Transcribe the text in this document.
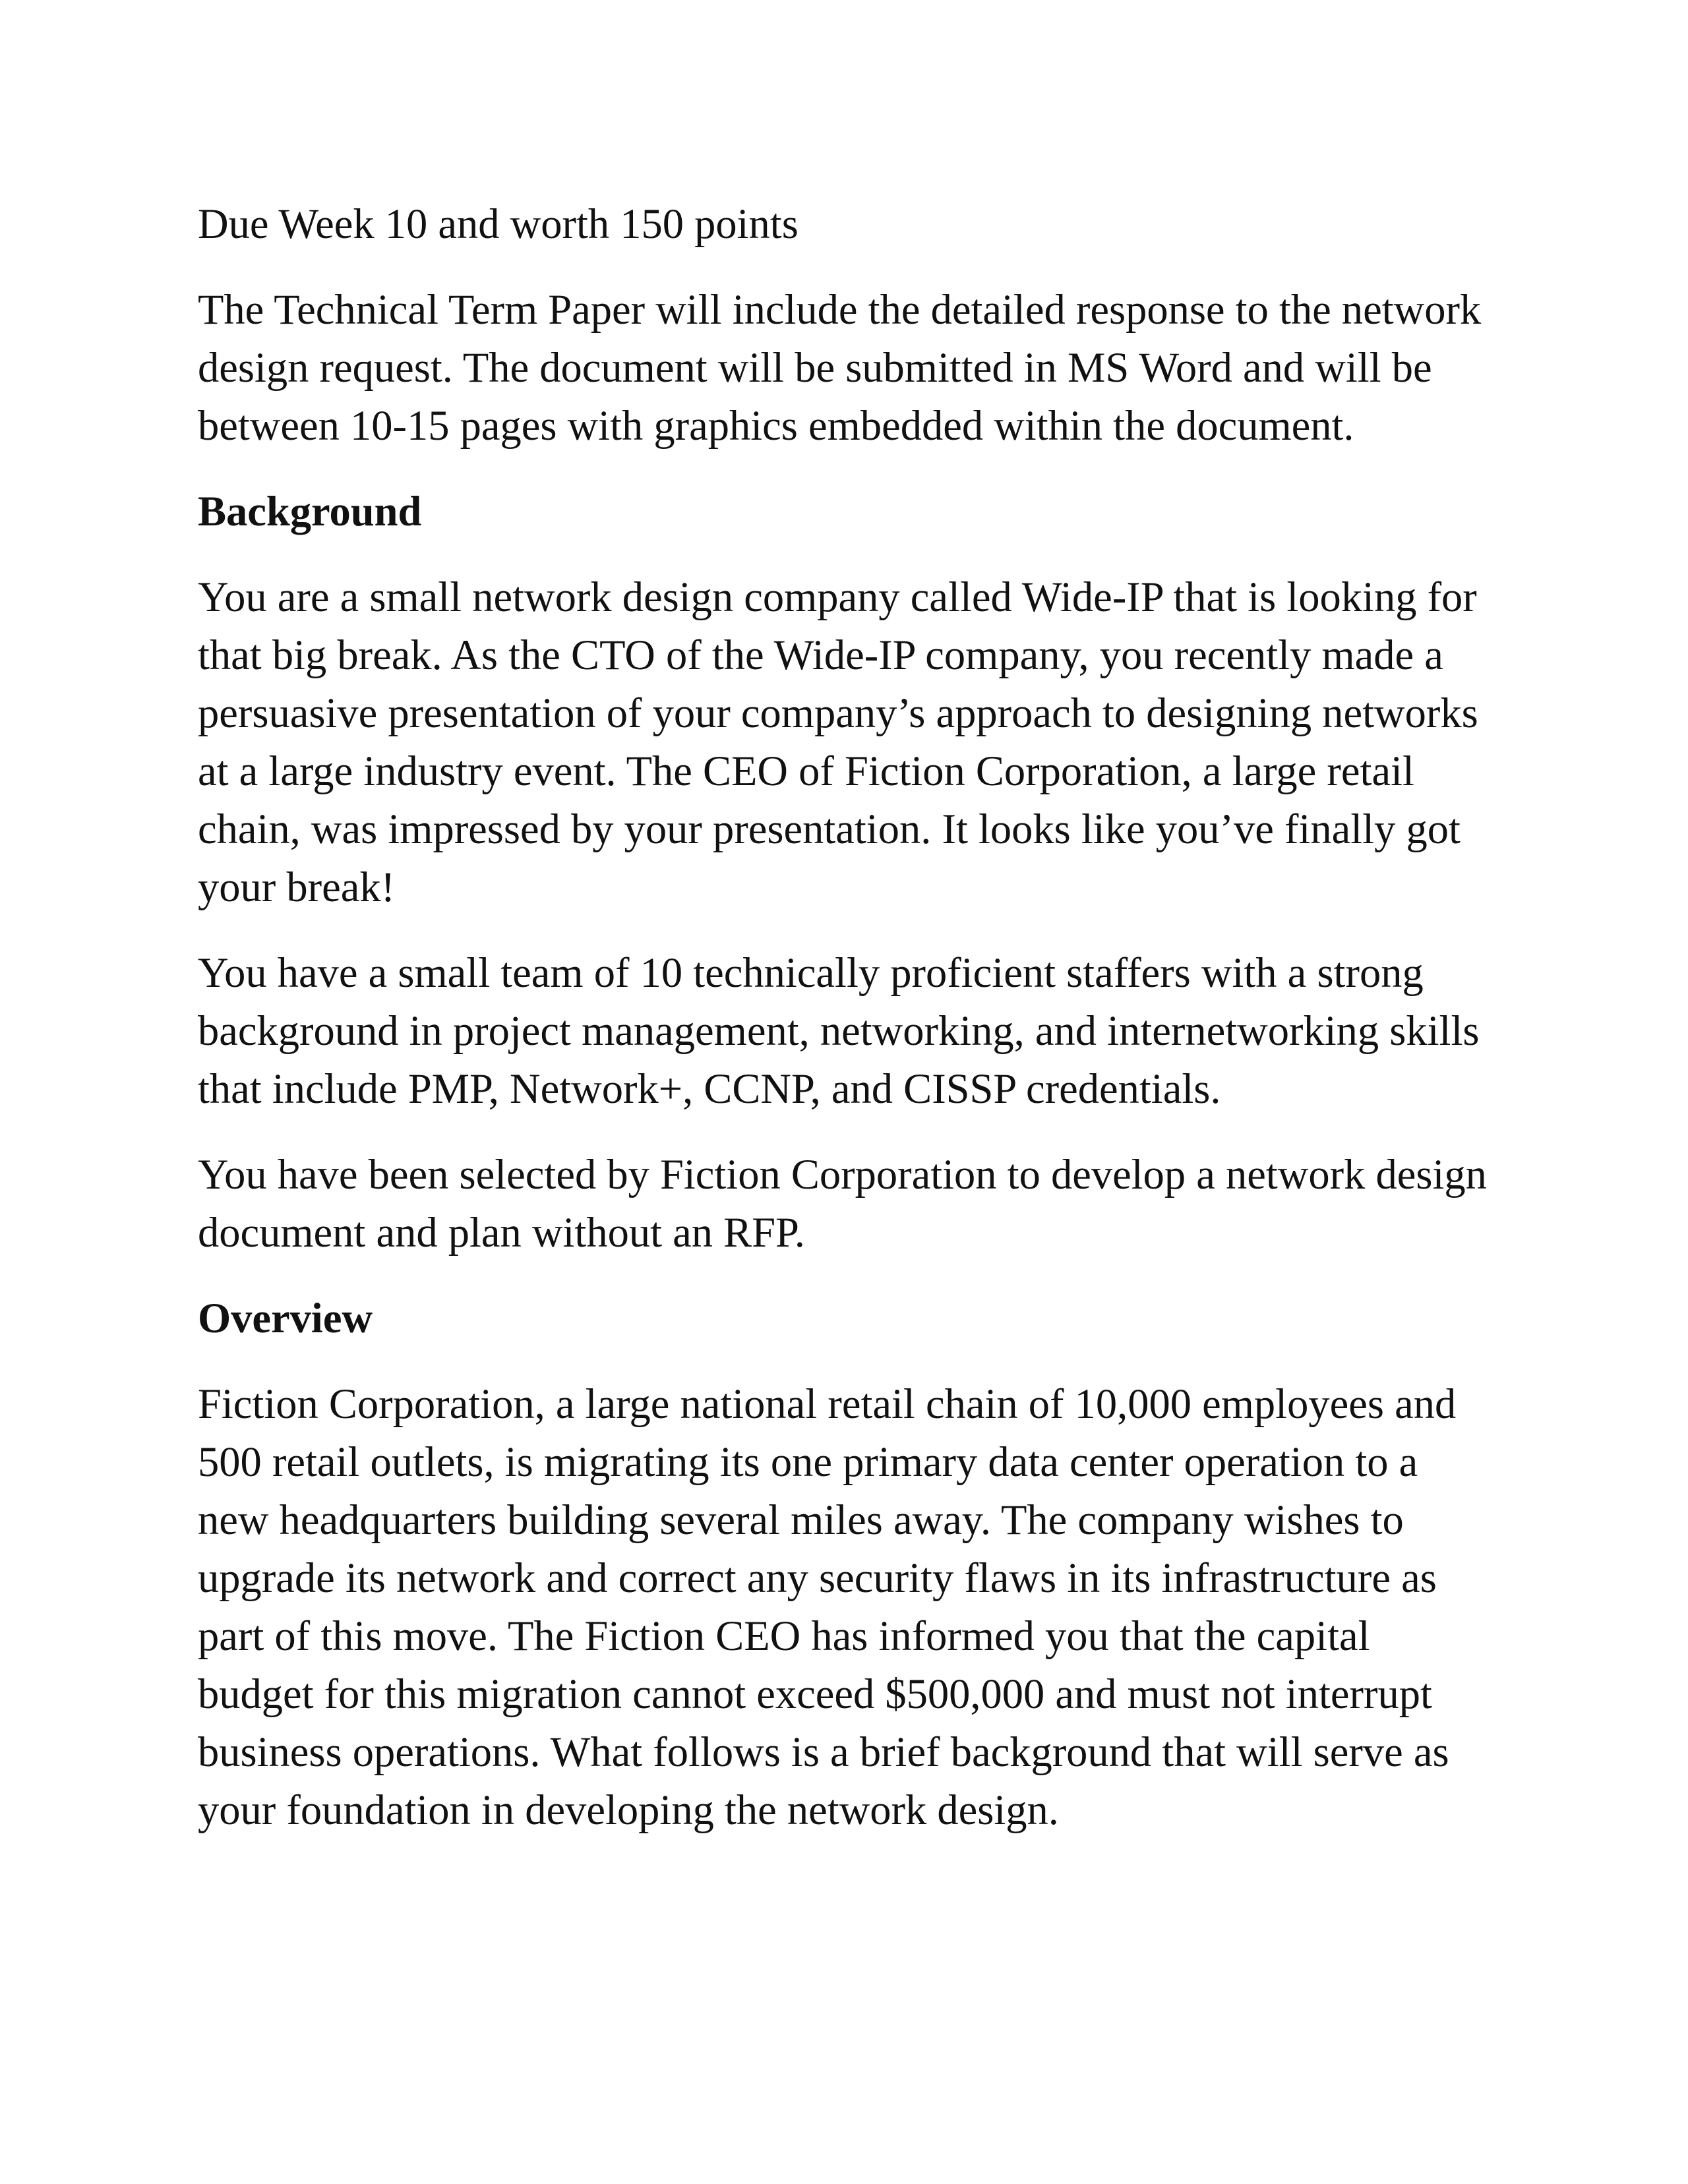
Due Week 10 and worth 150 points

The Technical Term Paper will include the detailed response to the network design request. The document will be submitted in MS Word and will be between 10-15 pages with graphics embedded within the document.

Background

You are a small network design company called Wide-IP that is looking for that big break. As the CTO of the Wide-IP company, you recently made a persuasive presentation of your company’s approach to designing networks at a large industry event. The CEO of Fiction Corporation, a large retail chain, was impressed by your presentation. It looks like you’ve finally got your break!

You have a small team of 10 technically proficient staffers with a strong background in project management, networking, and internetworking skills that include PMP, Network+, CCNP, and CISSP credentials.

You have been selected by Fiction Corporation to develop a network design document and plan without an RFP.

Overview

Fiction Corporation, a large national retail chain of 10,000 employees and 500 retail outlets, is migrating its one primary data center operation to a new headquarters building several miles away. The company wishes to upgrade its network and correct any security flaws in its infrastructure as part of this move. The Fiction CEO has informed you that the capital budget for this migration cannot exceed $500,000 and must not interrupt business operations. What follows is a brief background that will serve as your foundation in developing the network design.
